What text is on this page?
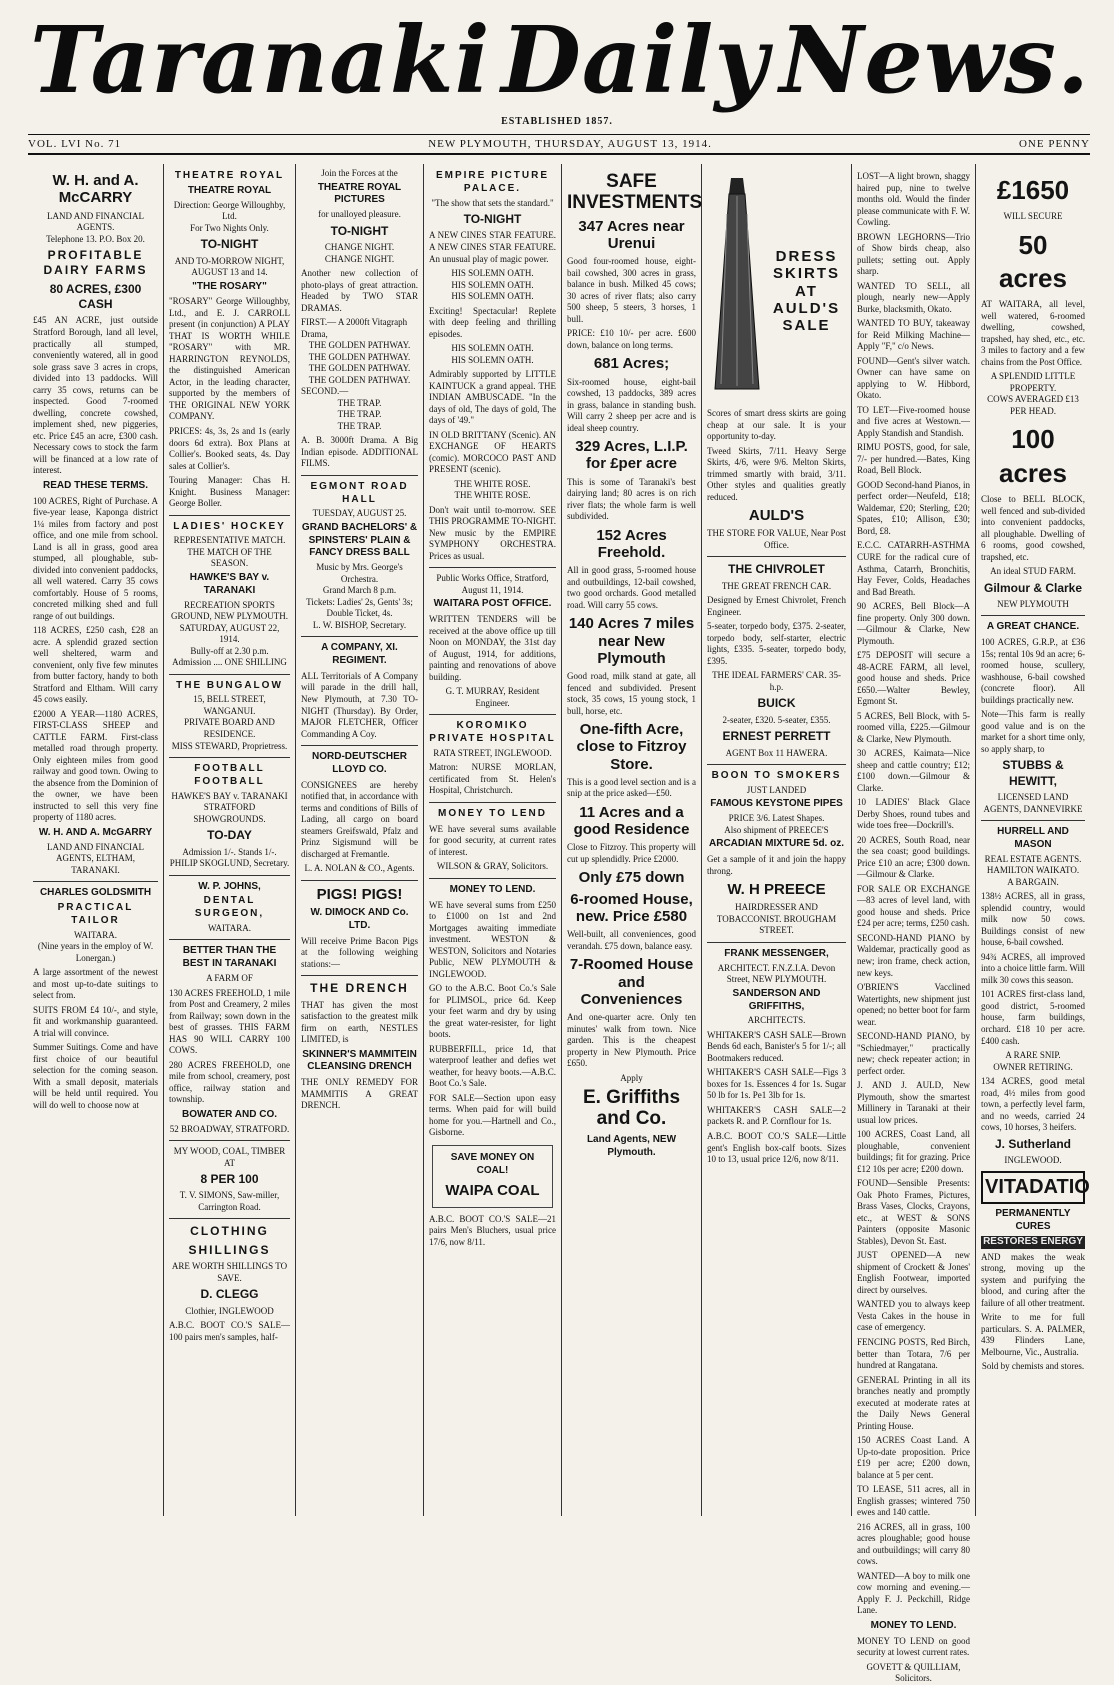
Taranaki Daily News.
ESTABLISHED 1857.
VOL. LVI No. 71	NEW PLYMOUTH, THURSDAY, AUGUST 13, 1914.	ONE PENNY
W. H. and A. McCARRY
LAND AND FINANCIAL AGENTS.
Telephone 13. P.O. Box 20.
PROFITABLE DAIRY FARMS
80 ACRES, £300 CASH
£45 AN ACRE, just outside Stratford Borough, land all level, practically all stumped, conveniently watered, all in good sole grass save 3 acres in crops, divided into 13 paddocks. Will carry 35 cows, returns can be inspected. Good 7-roomed dwelling, concrete cowshed, implement shed, new piggeries, etc. Price £45 an acre, £300 cash. Necessary cows to stock the farm will be financed at a low rate of interest.
READ THESE TERMS.
100 ACRES, Right of Purchase. A five-year lease, Kaponga district 1¼ miles from factory and post office, and one mile from school. Land is all in grass, good area stumped, all ploughable, sub-divided into convenient paddocks, all well watered. Carry 35 cows comfortably. House of 5 rooms, concreted milking shed and full range of out buildings.
118 ACRES, £250 cash, £28 an acre. A splendid grazed section well sheltered, warm and convenient, only five few minutes from butter factory, handy to both Stratford and Eltham. Will carry 45 cows easily.
£2000 A YEAR—1180 ACRES, FIRST-CLASS SHEEP and CATTLE FARM. First-class metalled road through property. Only eighteen miles from good railway and good town. Owing to the absence from the Dominion of the owner, we have been instructed to sell this very fine property of 1180 acres.
W. H. AND A. McGARRY
LAND AND FINANCIAL AGENTS, ELTHAM, TARANAKI.
CHARLES GOLDSMITH
PRACTICAL TAILOR
WAITARA.
(Nine years in the employ of W. Lonergan.)
A large assortment of the newest and most up-to-date suitings to select from.
SUITS FROM £4 10/-, and style, fit and workmanship guaranteed. A trial will convince.
Summer Suitings. Come and have first choice of our beautiful selection for the coming season. With a small deposit, materials will be held until required. You will do well to choose now at
THEATRE ROYAL
THEATRE ROYAL
Direction: George Willoughby, Ltd.
For Two Nights Only.
TO-NIGHT
AND TO-MORROW NIGHT,
AUGUST 13 and 14.
"THE ROSARY"
"ROSARY" George Willoughby, Ltd., and E. J. CARROLL present (in conjunction) A PLAY THAT IS WORTH WHILE "ROSARY" with MR. HARRINGTON REYNOLDS, the distinguished American Actor, in the leading character, supported by the members of THE ORIGINAL NEW YORK COMPANY.
PRICES: 4s, 3s, 2s and 1s (early doors 6d extra). Box Plans at Collier's. Booked seats, 4s. Day sales at Collier's.
Touring Manager: Chas H. Knight. Business Manager: George Boller.
LADIES' HOCKEY
REPRESENTATIVE MATCH.
THE MATCH OF THE SEASON.
HAWKE'S BAY v. TARANAKI
RECREATION SPORTS GROUND, NEW PLYMOUTH.
SATURDAY, AUGUST 22, 1914.
Bully-off at 2.30 p.m.
Admission .... ONE SHILLING
THE BUNGALOW
15, BELL STREET, WANGANUI.
PRIVATE BOARD AND RESIDENCE.
MISS STEWARD, Proprietress.
FOOTBALL FOOTBALL
HAWKE'S BAY v. TARANAKI
STRATFORD SHOWGROUNDS.
TO-DAY
Admission 1/-. Stands 1/-.
PHILIP SKOGLUND, Secretary.
W. P. JOHNS,
DENTAL SURGEON,
WAITARA.
BETTER THAN THE BEST IN TARANAKI
A FARM OF
130 ACRES FREEHOLD, 1 mile from Post and Creamery, 2 miles from Railway; sown down in the best of grasses. THIS FARM HAS 90 WILL CARRY 100 COWS.
280 ACRES FREEHOLD, one mile from school, creamery, post office, railway station and township.
BOWATER AND CO.
52 BROADWAY, STRATFORD.
MY WOOD, COAL, TIMBER AT
8 PER 100
T. V. SIMONS, Saw-miller, Carrington Road.
CLOTHING
SHILLINGS
ARE WORTH SHILLINGS TO SAVE.
D. CLEGG
Clothier, INGLEWOOD
A.B.C. BOOT CO.'S SALE—100 pairs men's samples, half-
Join the Forces at the
THEATRE ROYAL PICTURES
for unalloyed pleasure.
TO-NIGHT
CHANGE NIGHT.
CHANGE NIGHT.
Another new collection of photo-plays of great attraction. Headed by TWO STAR DRAMAS.
FIRST.— A 2000ft Vitagraph Drama,
THE GOLDEN PATHWAY.
THE GOLDEN PATHWAY.
THE GOLDEN PATHWAY.
THE GOLDEN PATHWAY.
SECOND.—
THE TRAP.
THE TRAP.
THE TRAP.
A. B. 3000ft Drama. A Big Indian episode. ADDITIONAL FILMS.
EGMONT ROAD HALL
TUESDAY, AUGUST 25.
GRAND BACHELORS' & SPINSTERS' PLAIN & FANCY DRESS BALL
Music by Mrs. George's Orchestra.
Grand March 8 p.m.
Tickets: Ladies' 2s, Gents' 3s; Double Ticket, 4s.
L. W. BISHOP, Secretary.
A COMPANY, XI. REGIMENT.
ALL Territorials of A Company will parade in the drill hall, New Plymouth, at 7.30 TO-NIGHT (Thursday). By Order, MAJOR FLETCHER, Officer Commanding A Coy.
NORD-DEUTSCHER LLOYD CO.
CONSIGNEES are hereby notified that, in accordance with terms and conditions of Bills of Lading, all cargo on board steamers Greifswald, Pfalz and Prinz Sigismund will be discharged at Fremantle.
L. A. NOLAN & CO., Agents.
PIGS! PIGS!
W. DIMOCK AND Co. LTD.
Will receive Prime Bacon Pigs at the following weighing stations:—
THE DRENCH
THAT has given the most satisfaction to the greatest milk firm on earth, NESTLES LIMITED, is
SKINNER'S MAMMITEIN CLEANSING DRENCH
THE ONLY REMEDY FOR MAMMITIS A GREAT DRENCH.
EMPIRE PICTURE PALACE.
"The show that sets the standard."
TO-NIGHT
A NEW CINES STAR FEATURE. A NEW CINES STAR FEATURE. An unusual play of magic power.
HIS SOLEMN OATH.
HIS SOLEMN OATH.
HIS SOLEMN OATH.
Exciting! Spectacular! Replete with deep feeling and thrilling episodes.
HIS SOLEMN OATH.
HIS SOLEMN OATH.
Admirably supported by LITTLE KAINTUCK a grand appeal. THE INDIAN AMBUSCADE. "In the days of old, The days of gold, The days of '49."
IN OLD BRITTANY (Scenic). AN EXCHANGE OF HEARTS (comic). MORCOCO PAST AND PRESENT (scenic).
THE WHITE ROSE.
THE WHITE ROSE.
Don't wait until to-morrow. SEE THIS PROGRAMME TO-NIGHT. New music by the EMPIRE SYMPHONY ORCHESTRA. Prices as usual.
Public Works Office, Stratford, August 11, 1914.
WAITARA POST OFFICE.
WRITTEN TENDERS will be received at the above office up till Noon on MONDAY, the 31st day of August, 1914, for additions, painting and renovations of above building.
G. T. MURRAY, Resident Engineer.
KOROMIKO PRIVATE HOSPITAL
RATA STREET, INGLEWOOD.
Matron: NURSE MORLAN, certificated from St. Helen's Hospital, Christchurch.
MONEY TO LEND
WE have several sums available for good security, at current rates of interest.
WILSON & GRAY, Solicitors.
MONEY TO LEND.
WE have several sums from £250 to £1000 on 1st and 2nd Mortgages awaiting immediate investment. WESTON & WESTON, Solicitors and Notaries Public, NEW PLYMOUTH & INGLEWOOD.
GO to the A.B.C. Boot Co.'s Sale for PLIMSOL, price 6d. Keep your feet warm and dry by using the great water-resister, for light boots.
RUBBERFILL, price 1d, that waterproof leather and defies wet weather, for heavy boots.—A.B.C. Boot Co.'s Sale.
FOR SALE—Section upon easy terms. When paid for will build home for you.—Hartnell and Co., Gisborne.
SAVE MONEY ON COAL!
WAIPA COAL
A.B.C. BOOT CO.'S SALE—21 pairs Men's Bluchers, usual price 17/6, now 8/11.
SAFE INVESTMENTS
347 Acres near Urenui
Good four-roomed house, eight-bail cowshed, 300 acres in grass, balance in bush. Milked 45 cows; 30 acres of river flats; also carry 500 sheep, 5 steers, 3 horses, 1 bull.
PRICE: £10 10/- per acre. £600 down, balance on long terms.
681 Acres;
Six-roomed house, eight-bail cowshed, 13 paddocks, 389 acres in grass, balance in standing bush. Will carry 2 sheep per acre and is ideal sheep country.
329 Acres, L.I.P. for £per acre
This is some of Taranaki's best dairying land; 80 acres is on rich river flats; the whole farm is well subdivided.
152 Acres Freehold.
All in good grass, 5-roomed house and outbuildings, 12-bail cowshed, two good orchards. Good metalled road. Will carry 55 cows.
140 Acres 7 miles near New Plymouth
Good road, milk stand at gate, all fenced and subdivided. Present stock, 35 cows, 15 young stock, 1 bull, horse, etc.
One-fifth Acre, close to Fitzroy Store.
This is a good level section and is a snip at the price asked—£50.
11 Acres and a good Residence
Close to Fitzroy. This property will cut up splendidly. Price £2000.
Only £75 down
6-roomed House, new. Price £580
Well-built, all conveniences, good verandah. £75 down, balance easy.
7-Roomed House and Conveniences
And one-quarter acre. Only ten minutes' walk from town. Nice garden. This is the cheapest property in New Plymouth. Price £650.
Apply
E. Griffiths and Co.
Land Agents, NEW Plymouth.
DRESS SKIRTS AT AULD'S SALE
Scores of smart dress skirts are going cheap at our sale. It is your opportunity to-day.
Tweed Skirts, 7/11. Heavy Serge Skirts, 4/6, were 9/6. Melton Skirts, trimmed smartly with braid, 3/11. Other styles and qualities greatly reduced.
AULD'S
THE STORE FOR VALUE, Near Post Office.
THE CHIVROLET
THE GREAT FRENCH CAR.
Designed by Ernest Chivrolet, French Engineer.
5-seater, torpedo body, £375. 2-seater, torpedo body, self-starter, electric lights, £335. 5-seater, torpedo body, £395.
THE IDEAL FARMERS' CAR. 35-h.p.
BUICK
2-seater, £320. 5-seater, £355.
ERNEST PERRETT
AGENT Box 11 HAWERA.
BOON TO SMOKERS
JUST LANDED
FAMOUS KEYSTONE PIPES
PRICE 3/6. Latest Shapes.
Also shipment of PREECE'S
ARCADIAN MIXTURE 5d. oz.
Get a sample of it and join the happy throng.
W. H PREECE
HAIRDRESSER AND TOBACCONIST. BROUGHAM STREET.
FRANK MESSENGER,
ARCHITECT. F.N.Z.I.A. Devon Street, NEW PLYMOUTH.
SANDERSON AND GRIFFITHS,
ARCHITECTS.
WHITAKER'S CASH SALE—Brown Bends 6d each, Banister's 5 for 1/-; all Bootmakers reduced.
WHITAKER'S CASH SALE—Figs 3 boxes for 1s. Essences 4 for 1s. Sugar 50 lb for 1s. Pe1 3lb for 1s.
WHITAKER'S CASH SALE—2 packets R. and P. Cornflour for 1s.
A.B.C. BOOT CO.'S SALE—Little gent's English box-calf boots. Sizes 10 to 13, usual price 12/6, now 8/11.
LOST—A light brown, shaggy haired pup, nine to twelve months old. Would the finder please communicate with F. W. Cowling.
BROWN LEGHORNS—Trio of Show birds cheap, also pullets; setting out. Apply sharp.
WANTED TO SELL, all plough, nearly new—Apply Burke, blacksmith, Okato.
WANTED TO BUY, takeaway for Reid Milking Machine—Apply "F," c/o News.
FOUND—Gent's silver watch. Owner can have same on applying to W. Hibbord, Okato.
TO LET—Five-roomed house and five acres at Westown.—Apply Standish and Standish.
RIMU POSTS, good, for sale, 7/- per hundred.—Bates, King Road, Bell Block.
GOOD Second-hand Pianos, in perfect order—Neufeld, £18; Waldemar, £20; Sterling, £20; Spates, £10; Allison, £30; Bord, £8.
E.C.C. CATARRH-ASTHMA CURE for the radical cure of Asthma, Catarrh, Bronchitis, Hay Fever, Colds, Headaches and Bad Breath.
90 ACRES, Bell Block—A fine property. Only 300 down.—Gilmour & Clarke, New Plymouth.
£75 DEPOSIT will secure a 48-ACRE FARM, all level, good house and sheds. Price £650.—Walter Bewley, Egmont St.
5 ACRES, Bell Block, with 5-roomed villa, £225.—Gilmour & Clarke, New Plymouth.
30 ACRES, Kaimata—Nice sheep and cattle country; £12; £100 down.—Gilmour & Clarke.
10 LADIES' Black Glace Derby Shoes, round tubes and wide toes free—Dockrill's.
20 ACRES, South Road, near the sea coast; good buildings. Price £10 an acre; £300 down.—Gilmour & Clarke.
FOR SALE OR EXCHANGE—83 acres of level land, with good house and sheds. Price £24 per acre; terms, £250 cash.
SECOND-HAND PIANO by Waldemar, practically good as new; iron frame, check action, new keys.
O'BRIEN'S Vacclined Watertights, new shipment just opened; no better boot for farm wear.
SECOND-HAND PIANO, by "Schiedmayer," practically new; check repeater action; in perfect order.
J. AND J. AULD, New Plymouth, show the smartest Millinery in Taranaki at their usual low prices.
100 ACRES, Coast Land, all ploughable, convenient buildings; fit for grazing. Price £12 10s per acre; £200 down.
FOUND—Sensible Presents: Oak Photo Frames, Pictures, Brass Vases, Clocks, Crayons, etc., at WEST & SONS Painters (opposite Masonic Stables), Devon St. East.
JUST OPENED—A new shipment of Crockett & Jones' English Footwear, imported direct by ourselves.
WANTED you to always keep Vesta Cakes in the house in case of emergency.
FENCING POSTS, Red Birch, better than Totara, 7/6 per hundred at Rangatana.
GENERAL Printing in all its branches neatly and promptly executed at moderate rates at the Daily News General Printing House.
150 ACRES Coast Land. A Up-to-date proposition. Price £19 per acre; £200 down, balance at 5 per cent.
TO LEASE, 511 acres, all in English grasses; wintered 750 ewes and 140 cattle.
216 ACRES, all in grass, 100 acres ploughable; good house and outbuildings; will carry 80 cows.
WANTED—A boy to milk one cow morning and evening.—Apply F. J. Peckchill, Ridge Lane.
MONEY TO LEND.
MONEY TO LEND on good security at lowest current rates.
GOVETT & QUILLIAM, Solicitors.
£1650
WILL SECURE
50 acres
AT WAITARA, all level, well watered, 6-roomed dwelling, cowshed, trapshed, hay shed, etc., etc. 3 miles to factory and a few chains from the Post Office.
A SPLENDID LITTLE PROPERTY.
COWS AVERAGED £13 PER HEAD.
100 acres
Close to BELL BLOCK, well fenced and sub-divided into convenient paddocks, all ploughable. Dwelling of 6 rooms, good cowshed, trapshed, etc.
An ideal STUD FARM.
Gilmour & Clarke
NEW PLYMOUTH
A GREAT CHANCE.
100 ACRES, G.R.P., at £36 15s; rental 10s 9d an acre; 6-roomed house, scullery, washhouse, 6-bail cowshed (concrete floor). All buildings practically new.
Note—This farm is really good value and is on the market for a short time only, so apply sharp, to
STUBBS & HEWITT,
LICENSED LAND AGENTS, DANNEVIRKE
HURRELL AND MASON
REAL ESTATE AGENTS. HAMILTON WAIKATO.
A BARGAIN.
138½ ACRES, all in grass, splendid country, would milk now 50 cows. Buildings consist of new house, 6-bail cowshed.
94¾ ACRES, all improved into a choice little farm. Will milk 30 cows this season.
101 ACRES first-class land, good district, 5-roomed house, farm buildings, orchard. £18 10 per acre. £400 cash.
A RARE SNIP.
OWNER RETIRING.
134 ACRES, good metal road, 4½ miles from good town, a perfectly level farm, and no weeds, carried 24 cows, 10 horses, 3 heifers.
J. Sutherland
INGLEWOOD.
VITADATIO
PERMANENTLY CURES
RESTORES ENERGY
AND makes the weak strong, moving up the system and purifying the blood, and curing after the failure of all other treatment.
Write to me for full particulars. S. A. PALMER, 439 Flinders Lane, Melbourne, Vic., Australia.
Sold by chemists and stores.
